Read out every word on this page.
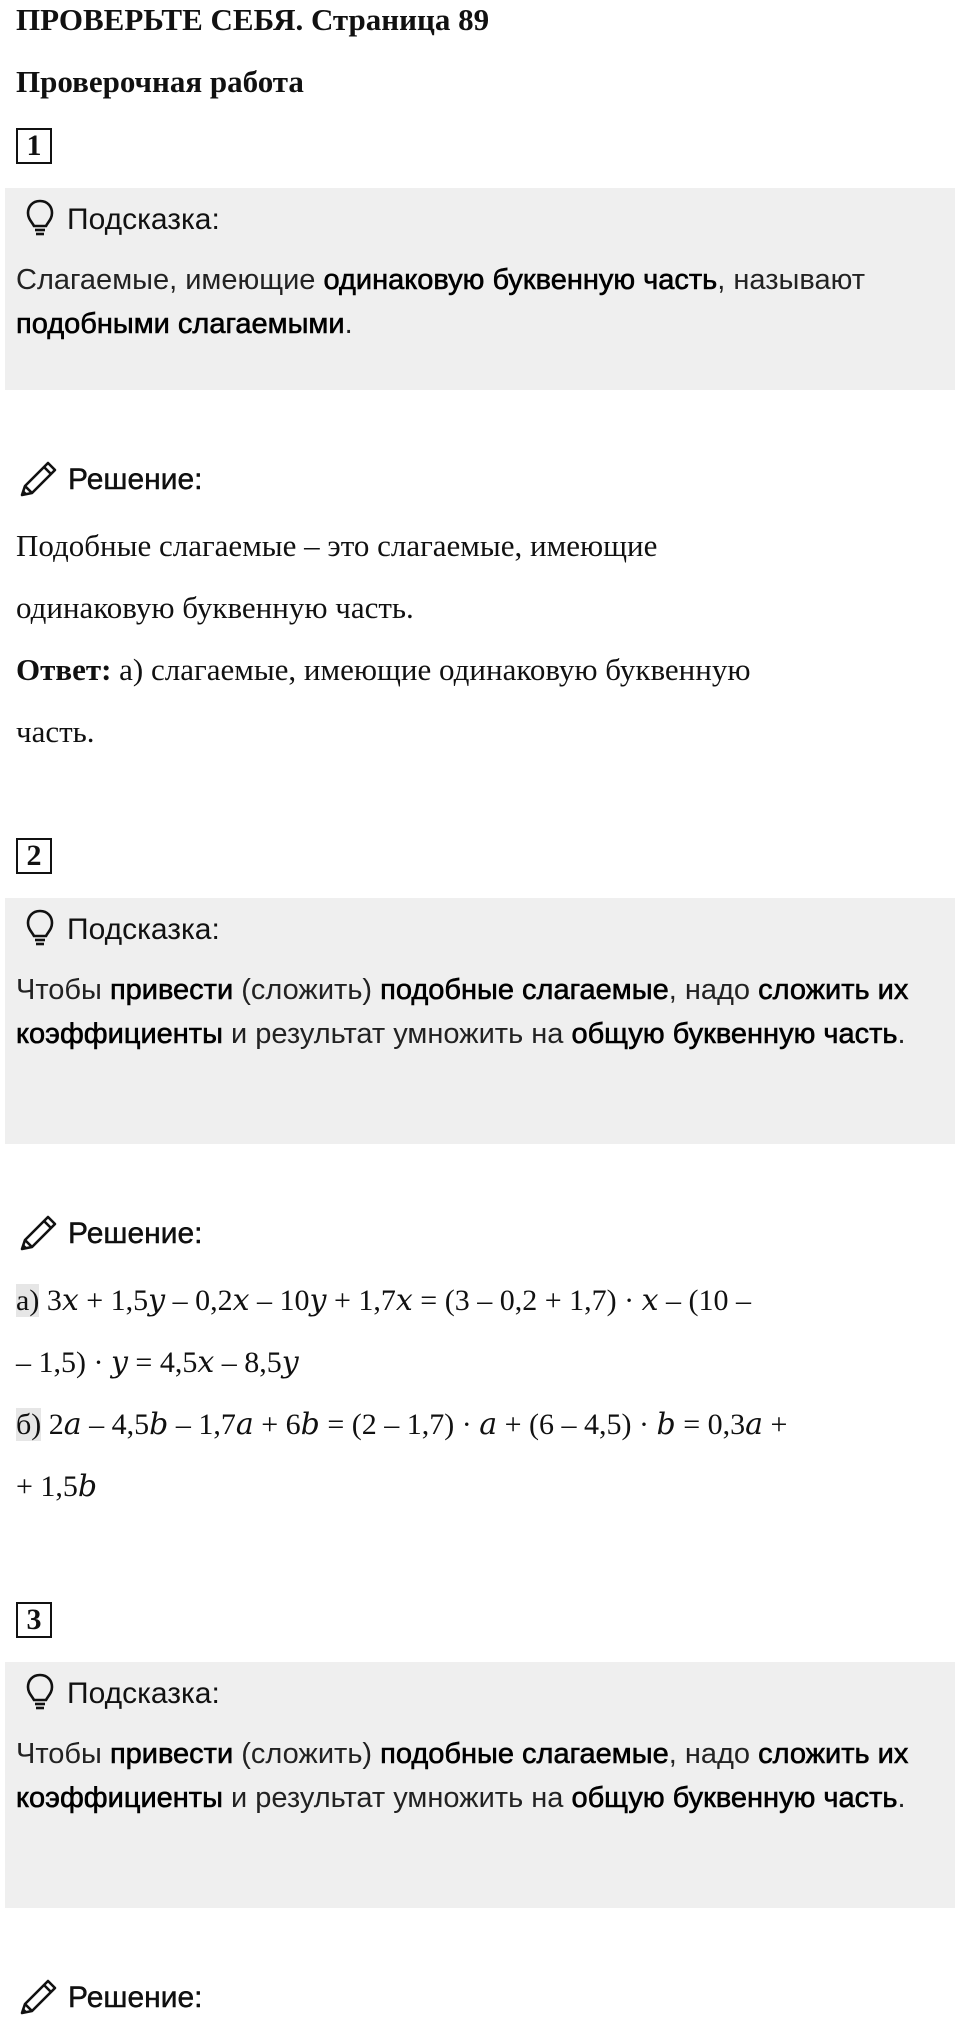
ПРОВЕРЬТЕ СЕБЯ. Страница 89
Проверочная работа
1
Подсказка:
Слагаемые, имеющие одинаковую буквенную часть, называют подобными слагаемыми.
Решение:
Подобные слагаемые – это слагаемые, имеющие
одинаковую буквенную часть.
Ответ: а) слагаемые, имеющие одинаковую буквенную
часть.
2
Подсказка:
Чтобы привести (сложить) подобные слагаемые, надо сложить их коэффициенты и результат умножить на общую буквенную часть.
Решение:
а) 3𝑥 + 1,5𝑦 – 0,2𝑥 – 10𝑦 + 1,7𝑥 = (3 – 0,2 + 1,7) · 𝑥 – (10 –
– 1,5) · 𝑦 = 4,5𝑥 – 8,5𝑦
б) 2𝑎 – 4,5𝑏 – 1,7𝑎 + 6𝑏 = (2 – 1,7) · 𝑎 + (6 – 4,5) · 𝑏 = 0,3𝑎 +
+ 1,5𝑏
3
Подсказка:
Чтобы привести (сложить) подобные слагаемые, надо сложить их коэффициенты и результат умножить на общую буквенную часть.
Решение:
